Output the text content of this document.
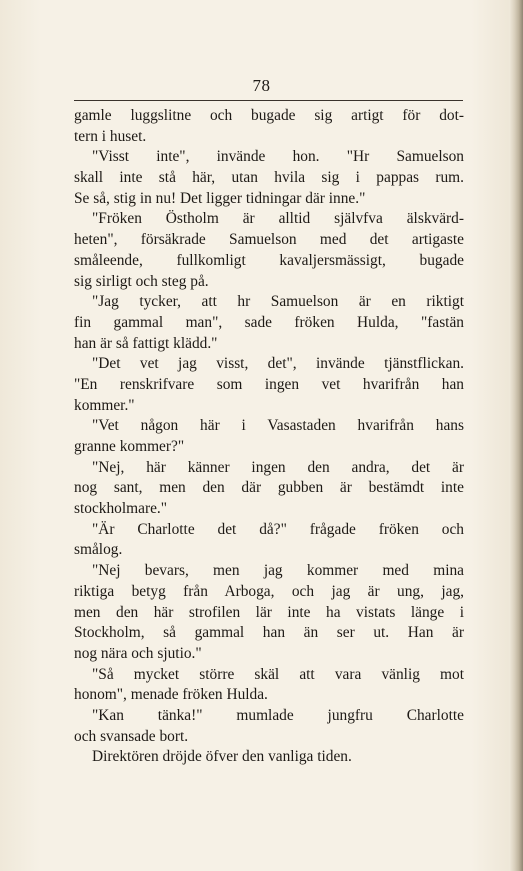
78
gamle luggslitne och bugade sig artigt för dot-
tern i huset.
"Visst inte", invände hon. "Hr Samuelson
skall inte stå här, utan hvila sig i pappas rum.
Se så, stig in nu! Det ligger tidningar där inne."
"Fröken Östholm är alltid självfva älskvärd-
heten", försäkrade Samuelson med det artigaste
småleende, fullkomligt kavaljersmässigt, bugade
sig sirligt och steg på.
"Jag tycker, att hr Samuelson är en riktigt
fin gammal man", sade fröken Hulda, "fastän
han är så fattigt klädd."
"Det vet jag visst, det", invände tjänstflickan.
"En renskrifvare som ingen vet hvarifrån han
kommer."
"Vet någon här i Vasastaden hvarifrån hans
granne kommer?"
"Nej, här känner ingen den andra, det är
nog sant, men den där gubben är bestämdt inte
stockholmare."
"Är Charlotte det då?" frågade fröken och
smålog.
"Nej bevars, men jag kommer med mina
riktiga betyg från Arboga, och jag är ung, jag,
men den här strofilen lär inte ha vistats länge i
Stockholm, så gammal han än ser ut. Han är
nog nära och sjutio."
"Så mycket större skäl att vara vänlig mot
honom", menade fröken Hulda.
"Kan tänka!" mumlade jungfru Charlotte
och svansade bort.
Direktören dröjde öfver den vanliga tiden.
